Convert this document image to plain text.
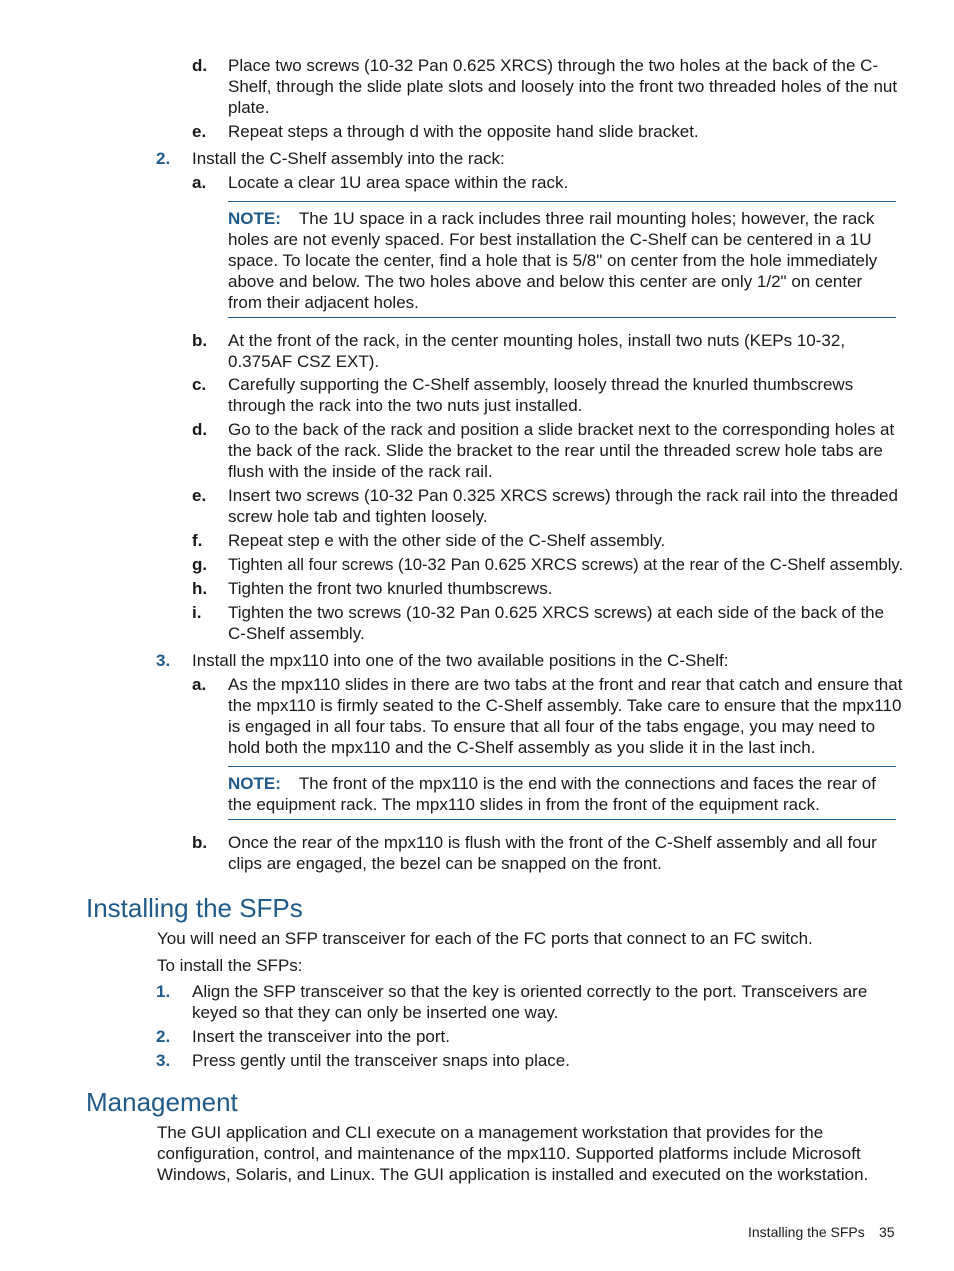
d. Place two screws (10-32 Pan 0.625 XRCS) through the two holes at the back of the C-Shelf, through the slide plate slots and loosely into the front two threaded holes of the nut plate.
e. Repeat steps a through d with the opposite hand slide bracket.
2. Install the C-Shelf assembly into the rack:
a. Locate a clear 1U area space within the rack.
NOTE: The 1U space in a rack includes three rail mounting holes; however, the rack holes are not evenly spaced. For best installation the C-Shelf can be centered in a 1U space. To locate the center, find a hole that is 5/8" on center from the hole immediately above and below. The two holes above and below this center are only 1/2" on center from their adjacent holes.
b. At the front of the rack, in the center mounting holes, install two nuts (KEPs 10-32, 0.375AF CSZ EXT).
c. Carefully supporting the C-Shelf assembly, loosely thread the knurled thumbscrews through the rack into the two nuts just installed.
d. Go to the back of the rack and position a slide bracket next to the corresponding holes at the back of the rack. Slide the bracket to the rear until the threaded screw hole tabs are flush with the inside of the rack rail.
e. Insert two screws (10-32 Pan 0.325 XRCS screws) through the rack rail into the threaded screw hole tab and tighten loosely.
f. Repeat step e with the other side of the C-Shelf assembly.
g. Tighten all four screws (10-32 Pan 0.625 XRCS screws) at the rear of the C-Shelf assembly.
h. Tighten the front two knurled thumbscrews.
i. Tighten the two screws (10-32 Pan 0.625 XRCS screws) at each side of the back of the C-Shelf assembly.
3. Install the mpx110 into one of the two available positions in the C-Shelf:
a. As the mpx110 slides in there are two tabs at the front and rear that catch and ensure that the mpx110 is firmly seated to the C-Shelf assembly. Take care to ensure that the mpx110 is engaged in all four tabs. To ensure that all four of the tabs engage, you may need to hold both the mpx110 and the C-Shelf assembly as you slide it in the last inch.
NOTE: The front of the mpx110 is the end with the connections and faces the rear of the equipment rack. The mpx110 slides in from the front of the equipment rack.
b. Once the rear of the mpx110 is flush with the front of the C-Shelf assembly and all four clips are engaged, the bezel can be snapped on the front.
Installing the SFPs
You will need an SFP transceiver for each of the FC ports that connect to an FC switch.
To install the SFPs:
1. Align the SFP transceiver so that the key is oriented correctly to the port. Transceivers are keyed so that they can only be inserted one way.
2. Insert the transceiver into the port.
3. Press gently until the transceiver snaps into place.
Management
The GUI application and CLI execute on a management workstation that provides for the configuration, control, and maintenance of the mpx110. Supported platforms include Microsoft Windows, Solaris, and Linux. The GUI application is installed and executed on the workstation.
Installing the SFPs 35
